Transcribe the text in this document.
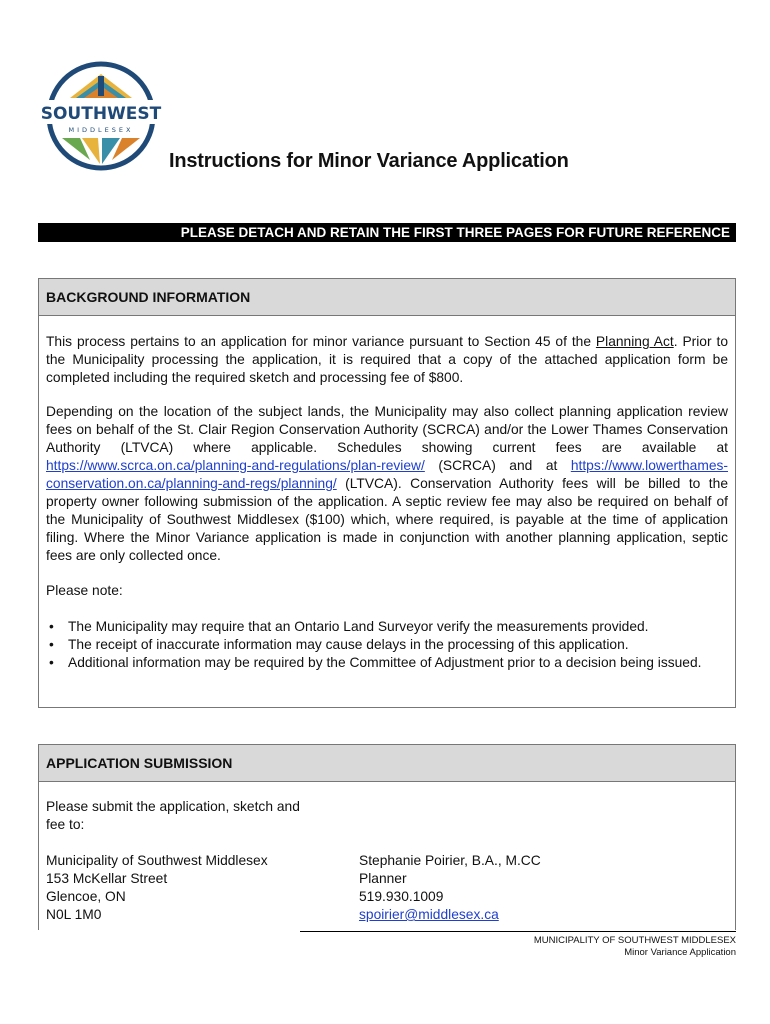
SOUTHWEST
MIDDLESEX
Instructions for Minor Variance Application
PLEASE DETACH AND RETAIN THE FIRST THREE PAGES FOR FUTURE REFERENCE
BACKGROUND INFORMATION

This process pertains to an application for minor variance pursuant to Section 45 of the Planning Act. Prior to the Municipality processing the application, it is required that a copy of the attached application form be completed including the required sketch and processing fee of $800.

Depending on the location of the subject lands, the Municipality may also collect planning application review fees on behalf of the St. Clair Region Conservation Authority (SCRCA) and/or the Lower Thames Conservation Authority (LTVCA) where applicable. Schedules showing current fees are available at https://www.scrca.on.ca/planning-and-regulations/plan-review/ (SCRCA) and at https://www.lowerthames-conservation.on.ca/planning-and-regs/planning/ (LTVCA). Conservation Authority fees will be billed to the property owner following submission of the application. A septic review fee may also be required on behalf of the Municipality of Southwest Middlesex ($100) which, where required, is payable at the time of application filing. Where the Minor Variance application is made in conjunction with another planning application, septic fees are only collected once.

Please note:

• The Municipality may require that an Ontario Land Surveyor verify the measurements provided.
• The receipt of inaccurate information may cause delays in the processing of this application.
• Additional information may be required by the Committee of Adjustment prior to a decision being issued.
APPLICATION SUBMISSION
Please submit the application, sketch and
fee to:
Municipality of Southwest Middlesex
153 McKellar Street
Glencoe, ON
N0L 1M0
Stephanie Poirier, B.A., M.CC
Planner
519.930.1009
spoirier@middlesex.ca
MUNICIPALITY OF SOUTHWEST MIDDLESEX
Minor Variance Application
